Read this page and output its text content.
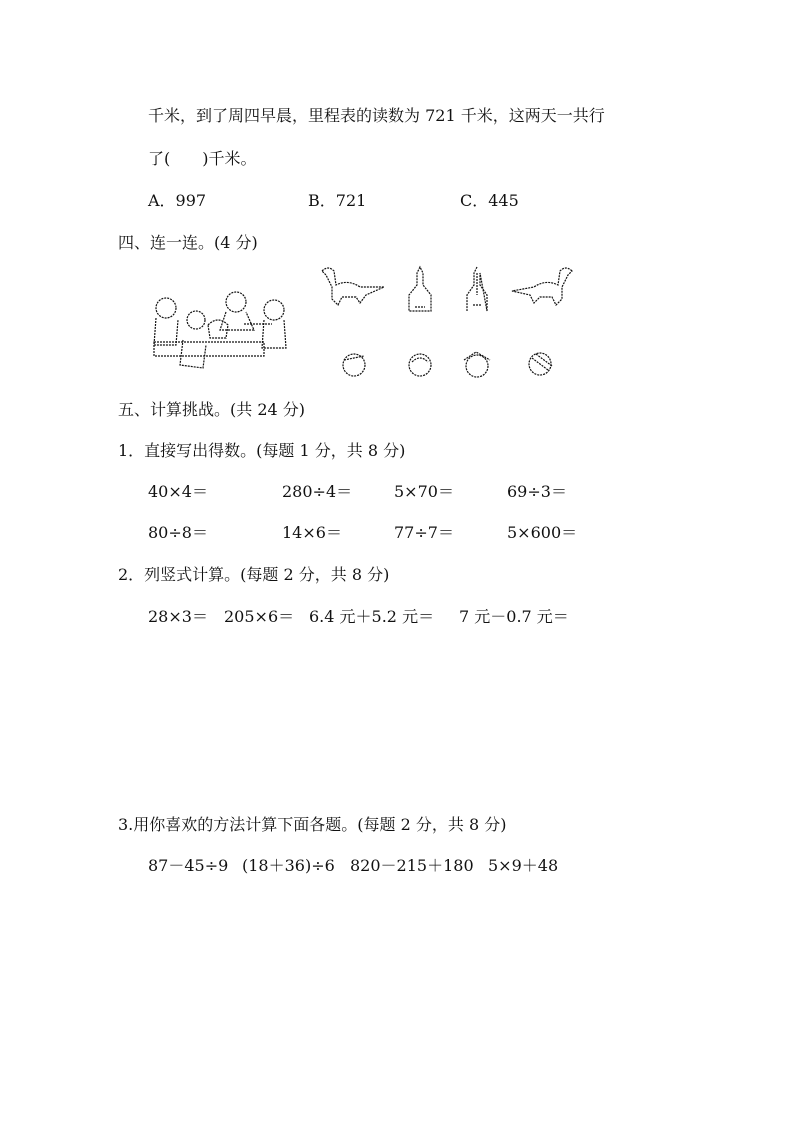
千米，到了周四早晨，里程表的读数为 721 千米，这两天一共行
了(　　)千米。
A．997	B．721	C．445
四、连一连。(4 分)
五、计算挑战。(共 24 分)
1．直接写出得数。(每题 1 分，共 8 分)
40×4＝	280÷4＝	5×70＝	69÷3＝
80÷8＝	14×6＝	77÷7＝	5×600＝
2．列竖式计算。(每题 2 分，共 8 分)
28×3＝ 205×6＝ 6.4 元＋5.2 元＝ 7 元－0.7 元＝
3.用你喜欢的方法计算下面各题。(每题 2 分，共 8 分)
87－45÷9 (18＋36)÷6 820－215＋180 5×9＋48
